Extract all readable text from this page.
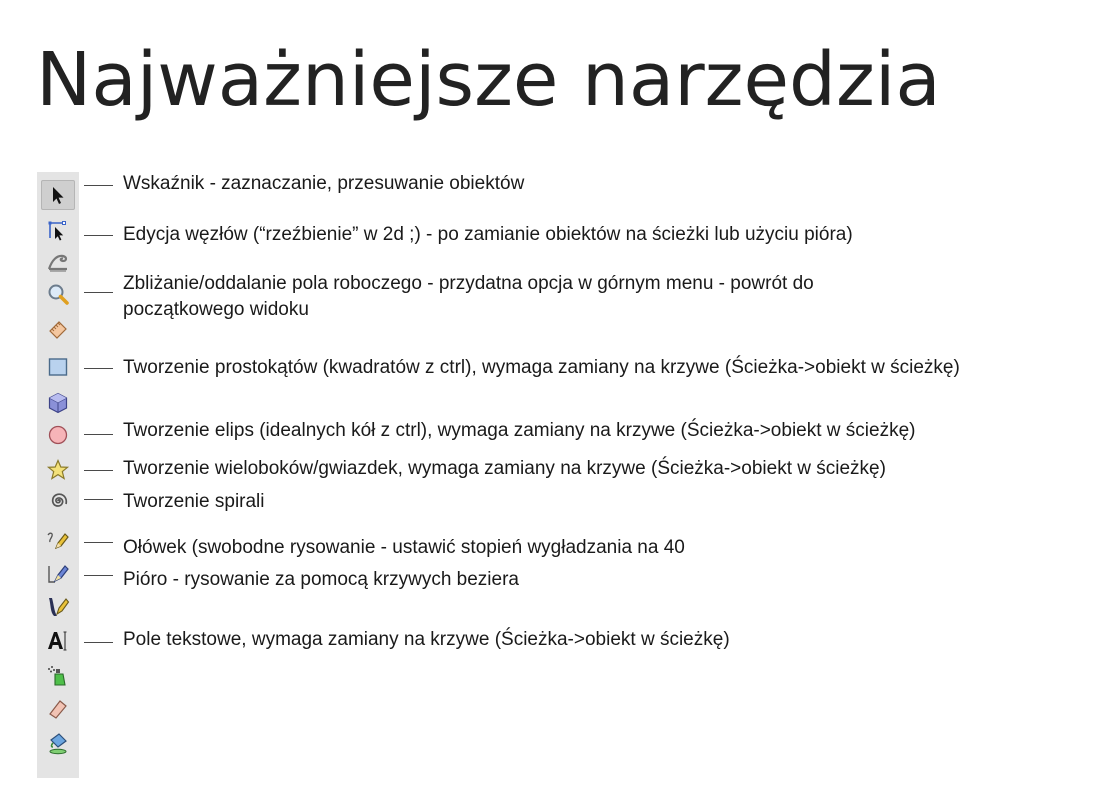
Najważniejsze narzędzia

Wskaźnik - zaznaczanie, przesuwanie obiektów

Edycja węzłów (“rzeźbienie” w 2d ;) - po zamianie obiektów na ścieżki lub użyciu pióra)

Zbliżanie/oddalanie pola roboczego - przydatna opcja w górnym menu - powrót do

początkowego widoku

Tworzenie prostokątów (kwadratów z ctrl), wymaga zamiany na krzywe (Ścieżka->obiekt w ścieżkę)

Tworzenie elips (idealnych kół z ctrl), wymaga zamiany na krzywe (Ścieżka->obiekt w ścieżkę)

Tworzenie wieloboków/gwiazdek, wymaga zamiany na krzywe (Ścieżka->obiekt w ścieżkę)

Tworzenie spirali

Ołówek (swobodne rysowanie - ustawić stopień wygładzania na 40

Pióro - rysowanie za pomocą krzywych beziera

Pole tekstowe, wymaga zamiany na krzywe (Ścieżka->obiekt w ścieżkę)
